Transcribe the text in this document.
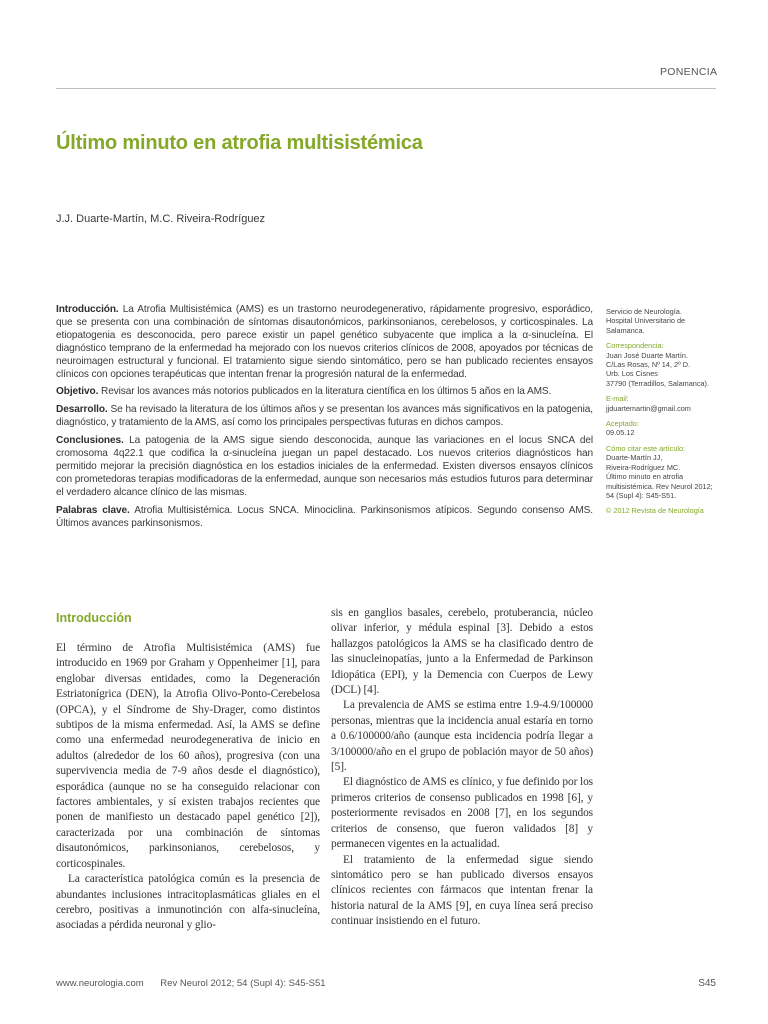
PONENCIA
Último minuto en atrofia multisistémica
J.J. Duarte-Martín, M.C. Riveira-Rodríguez

Introducción. La Atrofia Multisistémica (AMS) es un trastorno neurodegenerativo, rápidamente progresivo, esporádico, que se presenta con una combinación de síntomas disautonómicos, parkinsonianos, cerebelosos, y corticospinales. La etiopatogenia es desconocida, pero parece existir un papel genético subyacente que implica a la α-sinucleína. El diagnóstico temprano de la enfermedad ha mejorado con los nuevos criterios clínicos de 2008, apoyados por técnicas de neuroimagen estructural y funcional. El tratamiento sigue siendo sintomático, pero se han publicado recientes ensayos clínicos con opciones terapéuticas que intentan frenar la progresión natural de la enfermedad.

Objetivo. Revisar los avances más notorios publicados en la literatura científica en los últimos 5 años en la AMS.

Desarrollo. Se ha revisado la literatura de los últimos años y se presentan los avances más significativos en la patogenia, diagnóstico, y tratamiento de la AMS, así como los principales perspectivas futuras en dichos campos.

Conclusiones. La patogenia de la AMS sigue siendo desconocida, aunque las variaciones en el locus SNCA del cromosoma 4q22.1 que codifica la α-sinucleína juegan un papel destacado. Los nuevos criterios diagnósticos han permitido mejorar la precisión diagnóstica en los estadios iniciales de la enfermedad. Existen diversos ensayos clínicos con prometedoras terapias modificadoras de la enfermedad, aunque son necesarios más estudios futuros para determinar el verdadero alcance clínico de las mismas.

Palabras clave. Atrofia Multisistémica. Locus SNCA. Minociclina. Parkinsonismos atípicos. Segundo consenso AMS. Últimos avances parkinsonismos.

Servicio de Neurología.
Hospital Universitario de
Salamanca.
Correspondencia:
Juan José Duarte Martín.
C/Las Rosas, Nº 14, 2º D.
Urb. Los Cisnes
37790 (Terradillos, Salamanca).
E-mail:
jjduartemartin@gmail.com
Aceptado:
09.05.12
Cómo citar este artículo:
Duarte-Martín JJ,
Riveira-Rodríguez MC.
Último minuto en atrofia
multisistémica. Rev Neurol 2012;
54 (Supl 4): S45-S51.
© 2012 Revista de Neurología
Introducción

El término de Atrofia Multisistémica (AMS) fue introducido en 1969 por Graham y Oppenheimer [1], para englobar diversas entidades, como la Degeneración Estriatonígrica (DEN), la Atrofia Olivo-Ponto-Cerebelosa (OPCA), y el Síndrome de Shy-Drager, como distintos subtipos de la misma enfermedad. Así, la AMS se define como una enfermedad neurodegenerativa de inicio en adultos (alrededor de los 60 años), progresiva (con una supervivencia media de 7-9 años desde el diagnóstico), esporádica (aunque no se ha conseguido relacionar con factores ambientales, y sí existen trabajos recientes que ponen de manifiesto un destacado papel genético [2]), caracterizada por una combinación de síntomas disautonómicos, parkinsonianos, cerebelosos, y corticospinales.

La característica patológica común es la presencia de abundantes inclusiones intracitoplasmáticas gliales en el cerebro, positivas a inmunotinción con alfa-sinucleína, asociadas a pérdida neuronal y glio-

sis en ganglios basales, cerebelo, protuberancia, núcleo olivar inferior, y médula espinal [3]. Debido a estos hallazgos patológicos la AMS se ha clasificado dentro de las sinucleinopatías, junto a la Enfermedad de Parkinson Idiopática (EPI), y la Demencia con Cuerpos de Lewy (DCL) [4].

La prevalencia de AMS se estima entre 1.9-4.9/100000 personas, mientras que la incidencia anual estaría en torno a 0.6/100000/año (aunque esta incidencia podría llegar a 3/100000/año en el grupo de población mayor de 50 años) [5].

El diagnóstico de AMS es clínico, y fue definido por los primeros criterios de consenso publicados en 1998 [6], y posteriormente revisados en 2008 [7], en los segundos criterios de consenso, que fueron validados [8] y permanecen vigentes en la actualidad.

El tratamiento de la enfermedad sigue siendo sintomático pero se han publicado diversos ensayos clínicos recientes con fármacos que intentan frenar la historia natural de la AMS [9], en cuya línea será preciso continuar insistiendo en el futuro.

www.neurologia.com Rev Neurol 2012; 54 (Supl 4): S45-S51	S45
